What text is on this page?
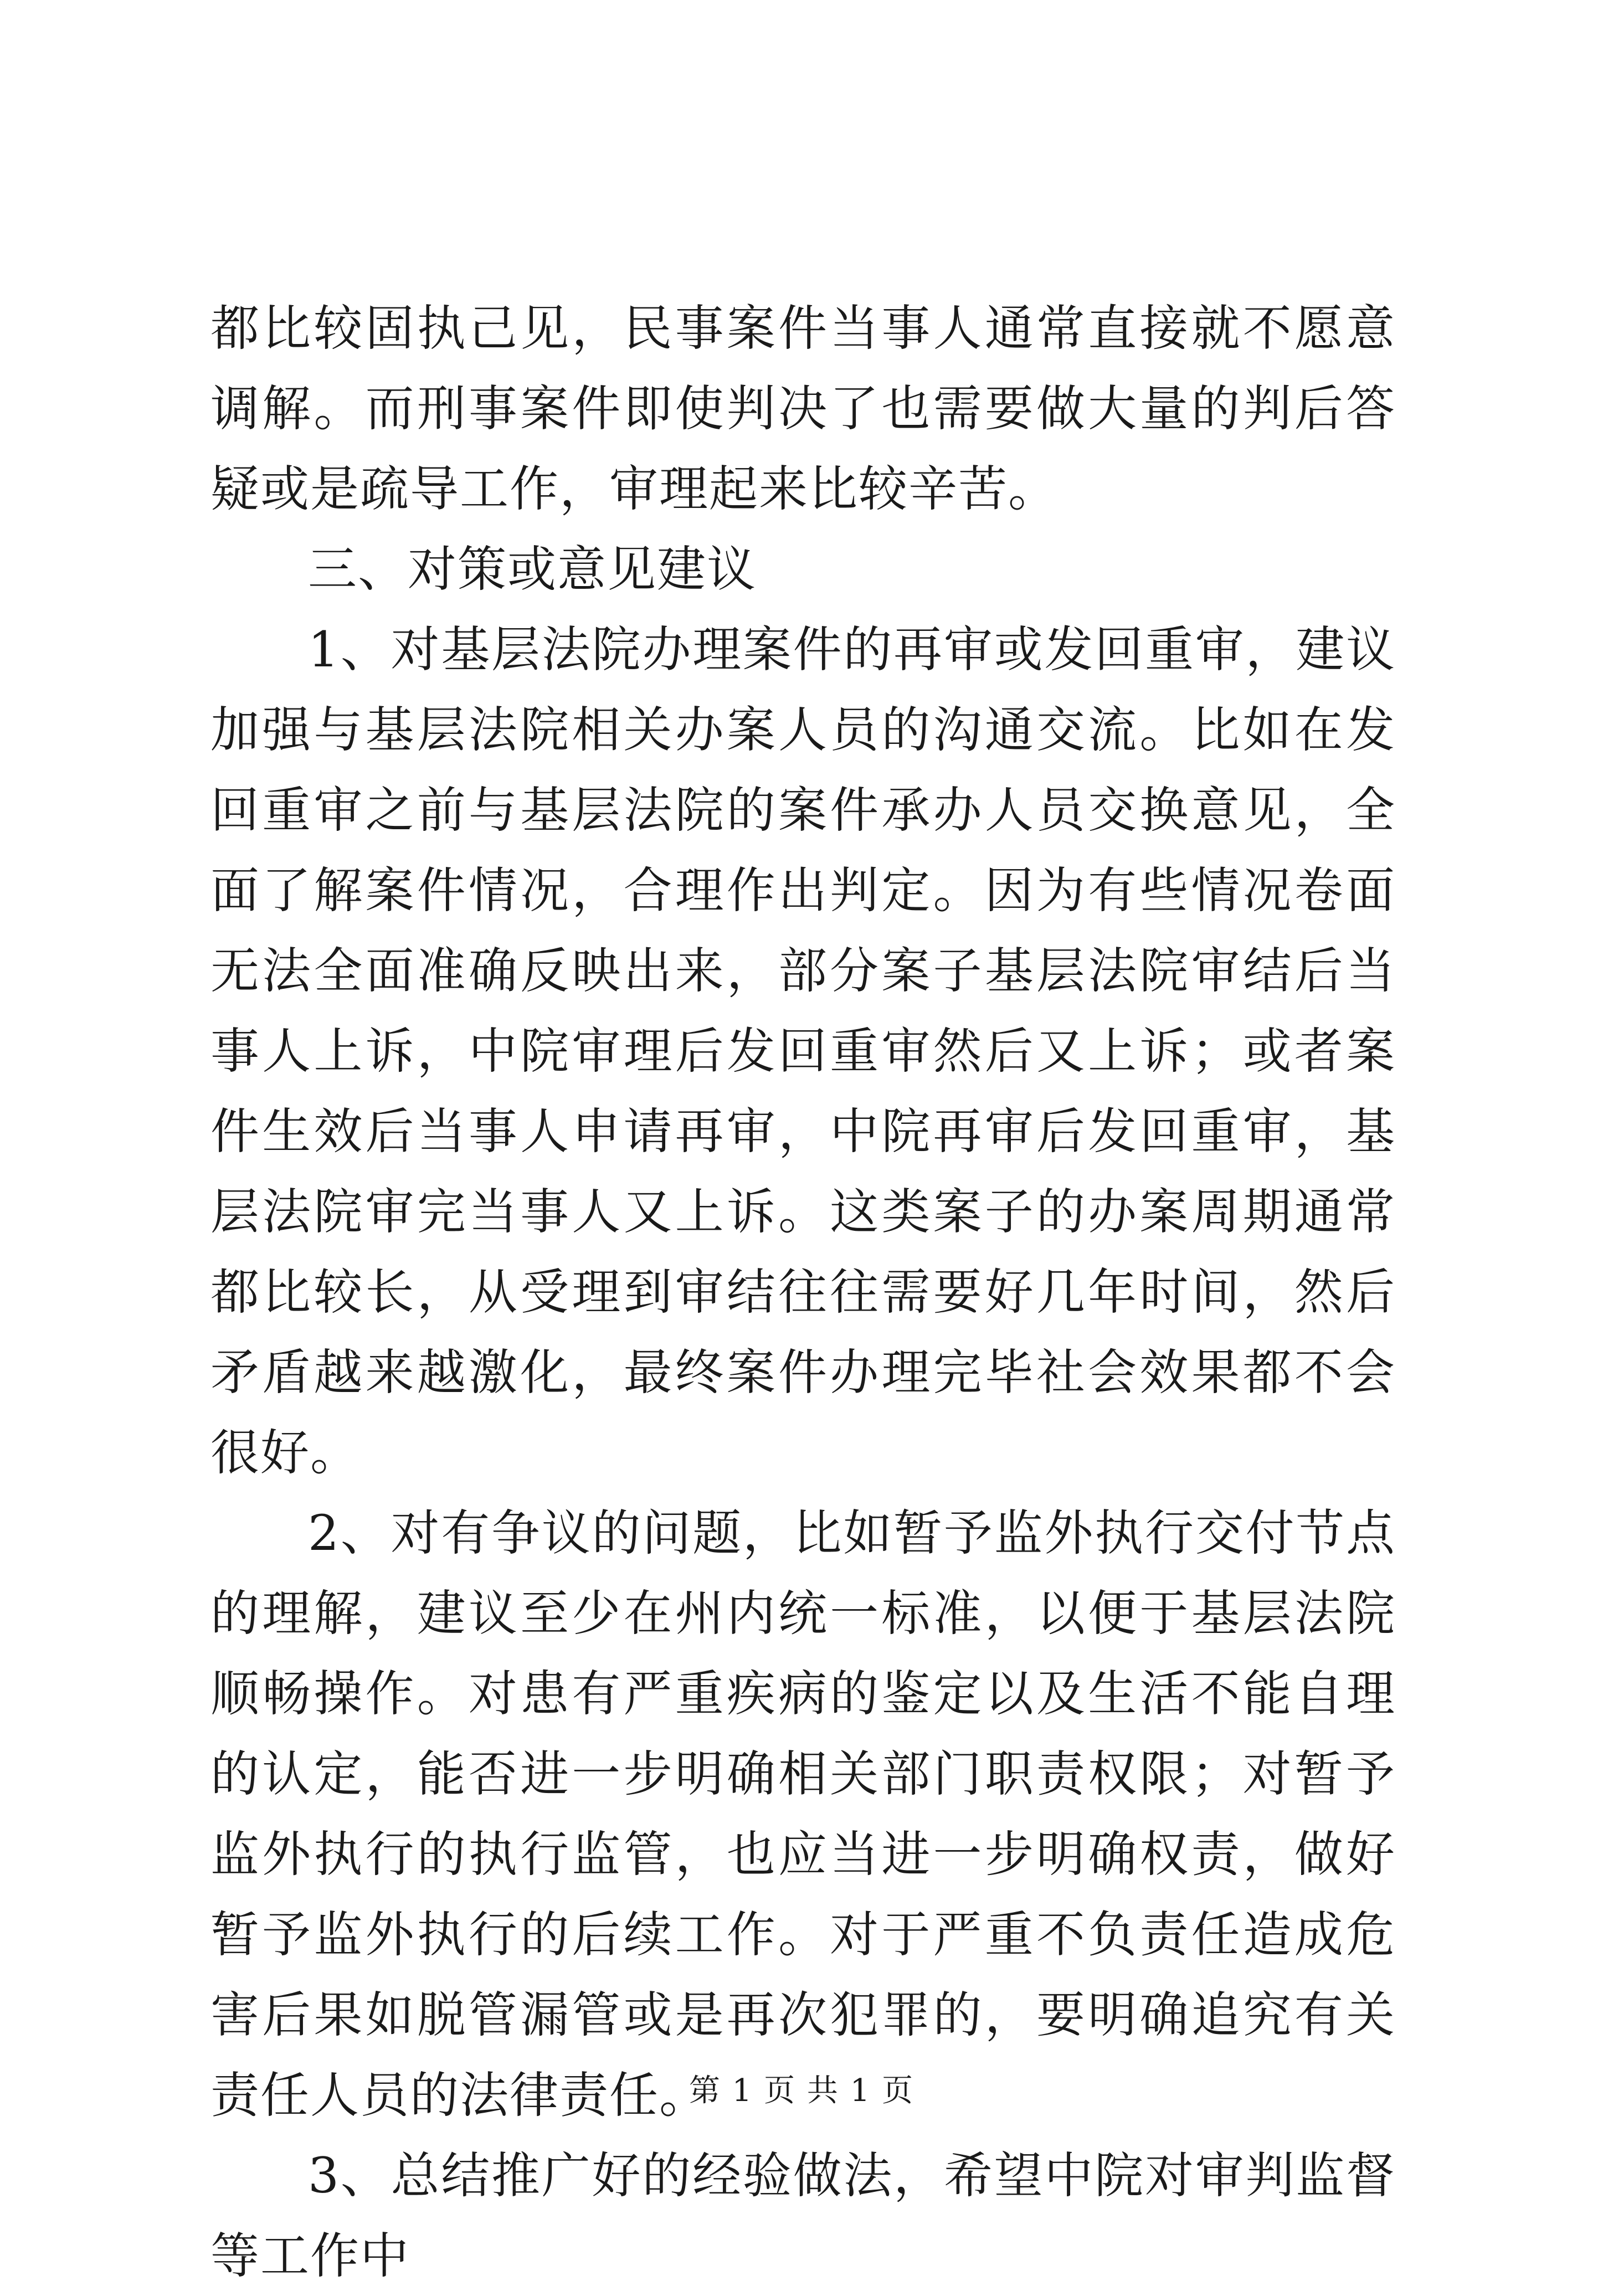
都比较固执己见，民事案件当事人通常直接就不愿意调解。而刑事案件即使判决了也需要做大量的判后答疑或是疏导工作，审理起来比较辛苦。

三、对策或意见建议

1、对基层法院办理案件的再审或发回重审，建议加强与基层法院相关办案人员的沟通交流。比如在发回重审之前与基层法院的案件承办人员交换意见，全面了解案件情况，合理作出判定。因为有些情况卷面无法全面准确反映出来，部分案子基层法院审结后当事人上诉，中院审理后发回重审然后又上诉；或者案件生效后当事人申请再审，中院再审后发回重审，基层法院审完当事人又上诉。这类案子的办案周期通常都比较长，从受理到审结往往需要好几年时间，然后矛盾越来越激化，最终案件办理完毕社会效果都不会很好。

2、对有争议的问题，比如暂予监外执行交付节点的理解，建议至少在州内统一标准，以便于基层法院顺畅操作。对患有严重疾病的鉴定以及生活不能自理的认定，能否进一步明确相关部门职责权限；对暂予监外执行的执行监管，也应当进一步明确权责，做好暂予监外执行的后续工作。对于严重不负责任造成危害后果如脱管漏管或是再次犯罪的，要明确追究有关责任人员的法律责任。

3、总结推广好的经验做法，希望中院对审判监督等工作中

第 1 页 共 1 页
